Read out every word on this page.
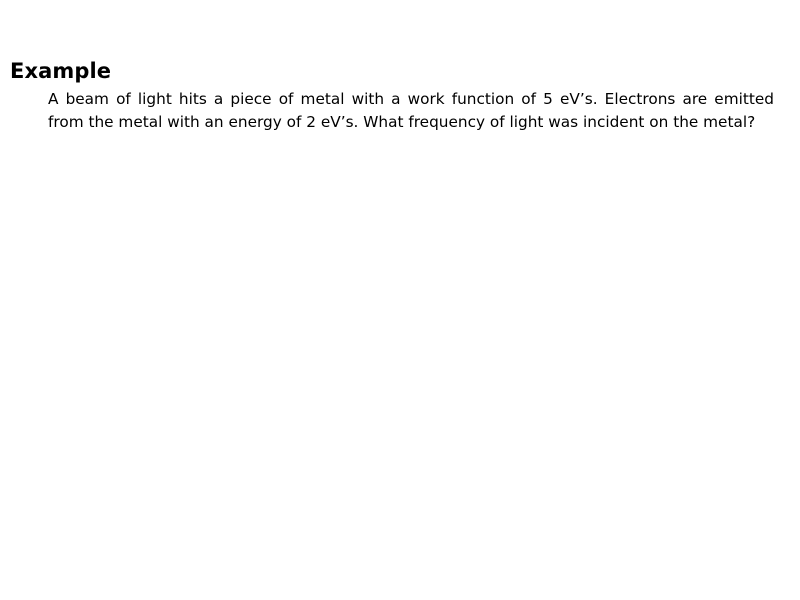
Example

A beam of light hits a piece of metal with a work function of 5 eV’s. Electrons are emitted from the metal with an energy of 2 eV’s. What frequency of light was incident on the metal?
